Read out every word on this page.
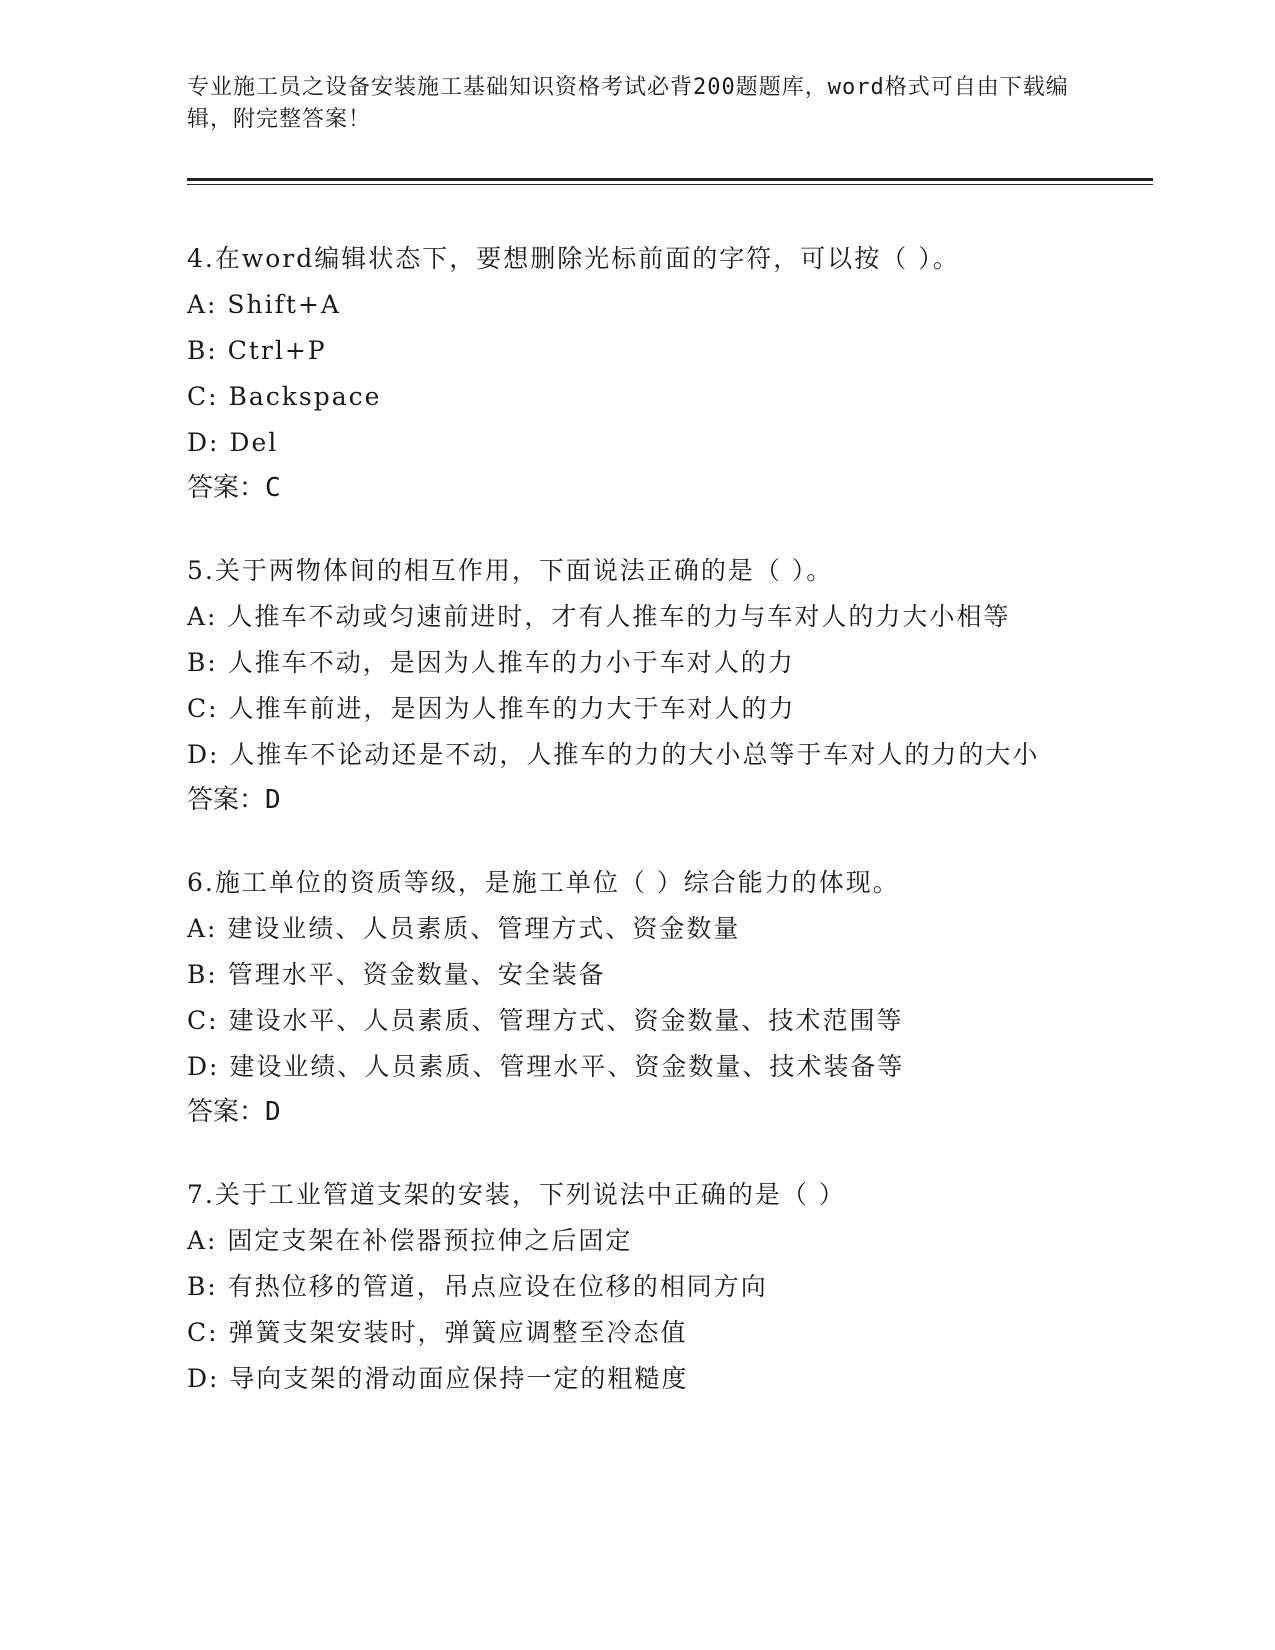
专业施工员之设备安装施工基础知识资格考试必背200题题库，word格式可自由下载编辑，附完整答案！
4.在word编辑状态下，要想删除光标前面的字符，可以按（ ）。
A: Shift+A
B: Ctrl+P
C: Backspace
D: Del
答案：C
5.关于两物体间的相互作用，下面说法正确的是（ ）。
A: 人推车不动或匀速前进时，才有人推车的力与车对人的力大小相等
B: 人推车不动，是因为人推车的力小于车对人的力
C: 人推车前进，是因为人推车的力大于车对人的力
D: 人推车不论动还是不动，人推车的力的大小总等于车对人的力的大小
答案：D
6.施工单位的资质等级，是施工单位（ ）综合能力的体现。
A: 建设业绩、人员素质、管理方式、资金数量
B: 管理水平、资金数量、安全装备
C: 建设水平、人员素质、管理方式、资金数量、技术范围等
D: 建设业绩、人员素质、管理水平、资金数量、技术装备等
答案：D
7.关于工业管道支架的安装，下列说法中正确的是（ ）
A: 固定支架在补偿器预拉伸之后固定
B: 有热位移的管道，吊点应设在位移的相同方向
C: 弹簧支架安装时，弹簧应调整至冷态值
D: 导向支架的滑动面应保持一定的粗糙度
